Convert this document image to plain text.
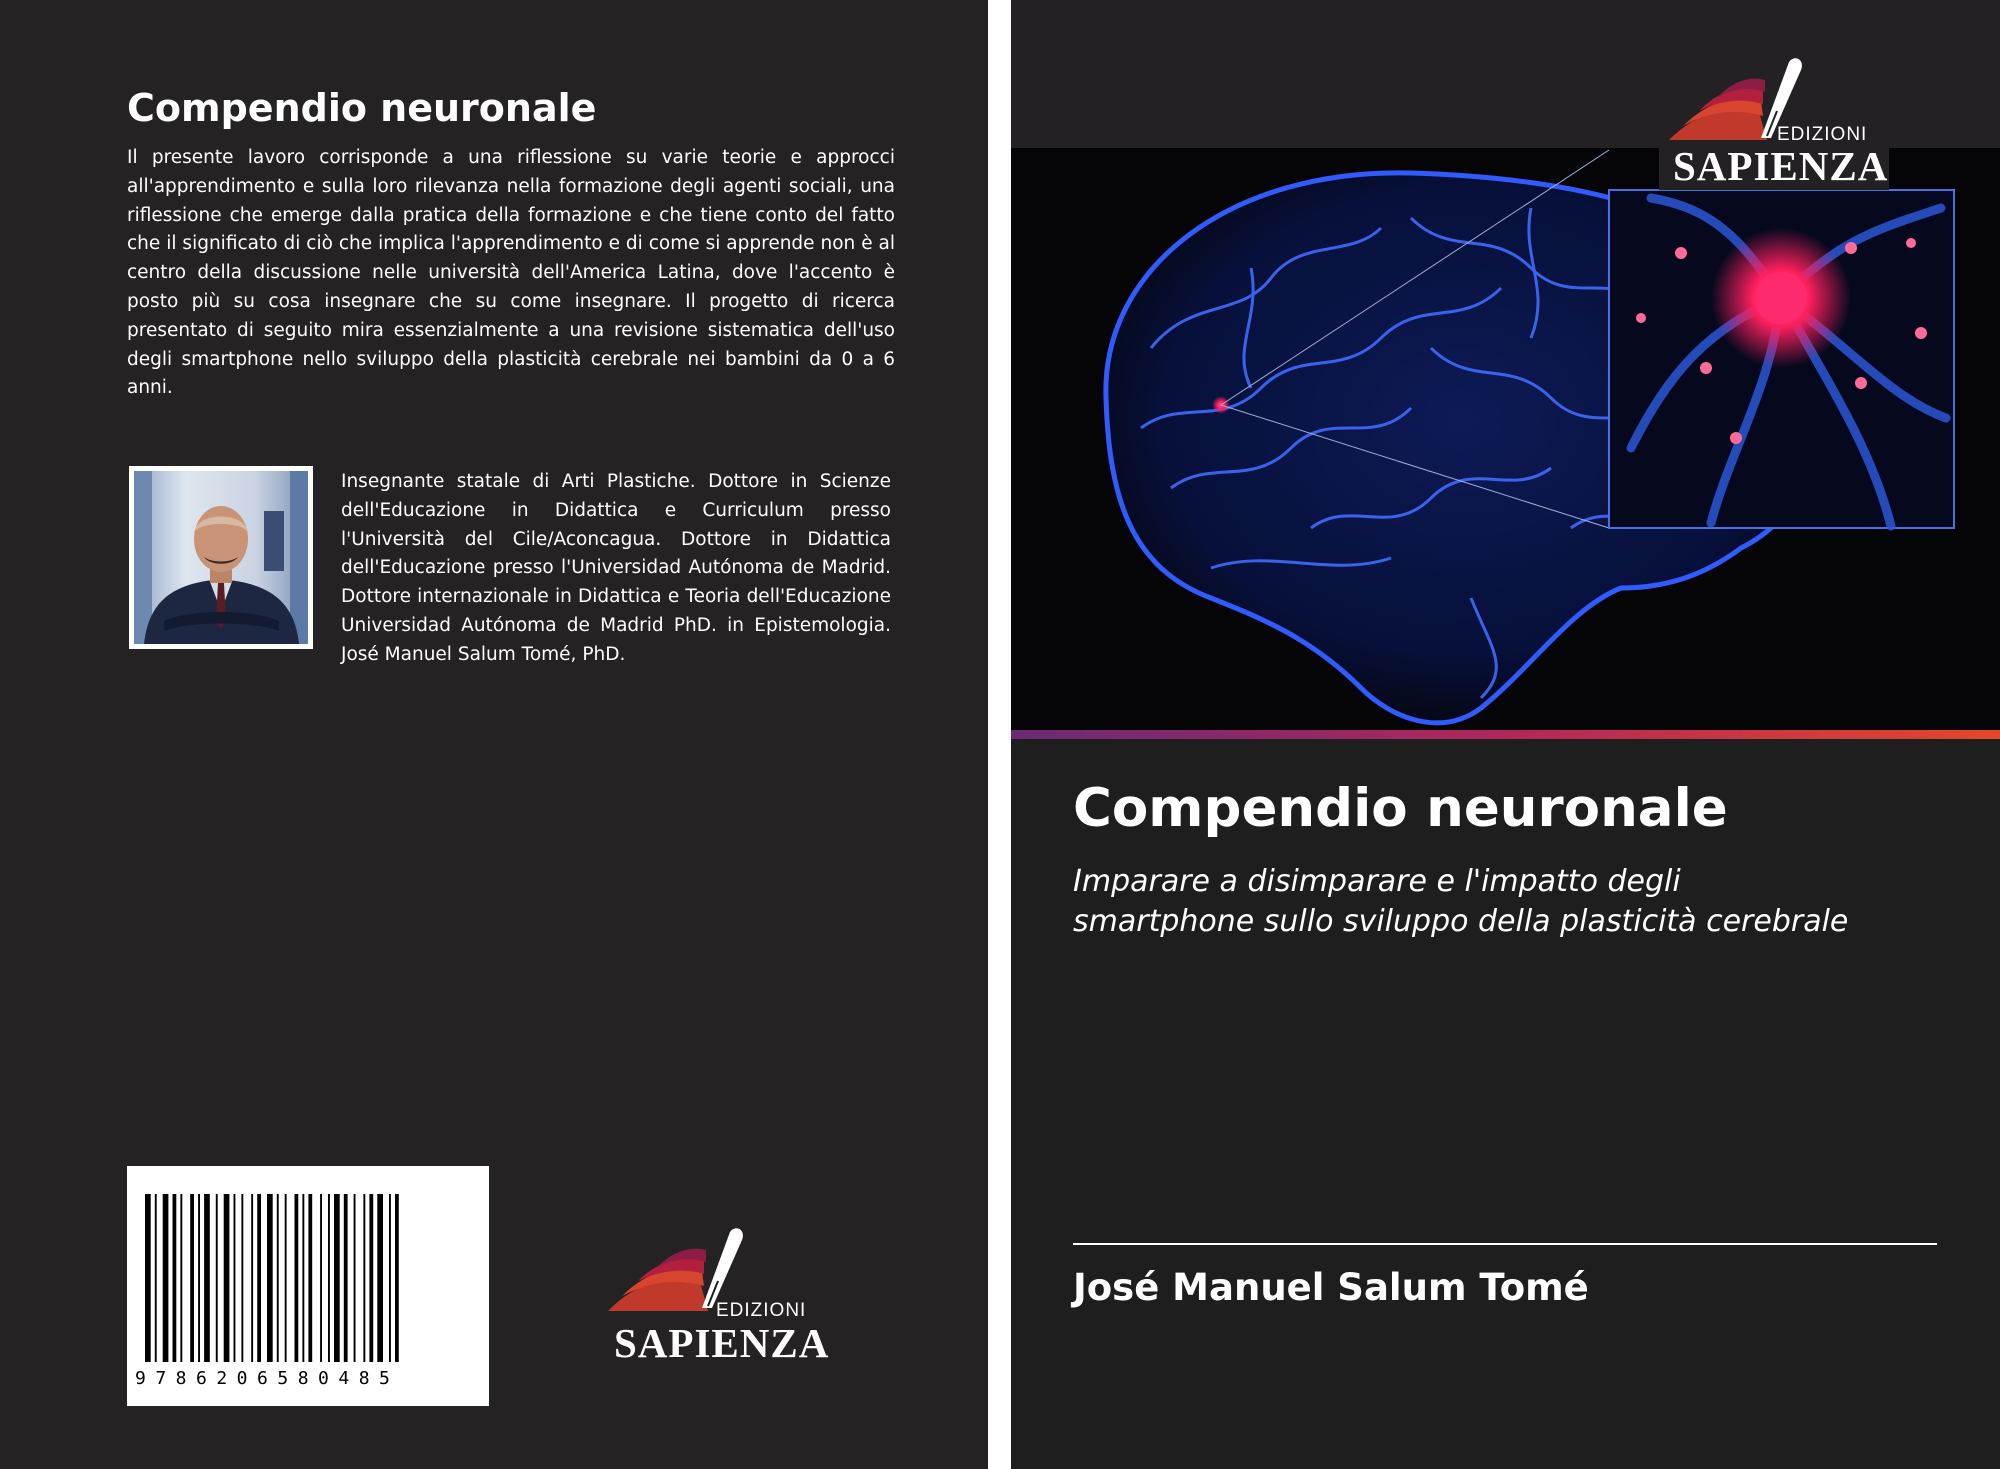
Compendio neuronale

Il presente lavoro corrisponde a una riflessione su varie teorie e approcci all'apprendimento e sulla loro rilevanza nella formazione degli agenti sociali, una riflessione che emerge dalla pratica della formazione e che tiene conto del fatto che il significato di ciò che implica l'apprendimento e di come si apprende non è al centro della discussione nelle università dell'America Latina, dove l'accento è posto più su cosa insegnare che su come insegnare. Il progetto di ricerca presentato di seguito mira essenzialmente a una revisione sistematica dell'uso degli smartphone nello sviluppo della plasticità cerebrale nei bambini da 0 a 6 anni.

Insegnante statale di Arti Plastiche. Dottore in Scienze dell'Educazione in Didattica e Curriculum presso l'Università del Cile/Aconcagua. Dottore in Didattica dell'Educazione presso l'Universidad Autónoma de Madrid. Dottore internazionale in Didattica e Teoria dell'Educazione Universidad Autónoma de Madrid PhD. in Epistemologia. José Manuel Salum Tomé, PhD.

9786206580485
EDIZIONI
SAPIENZA
EDIZIONI
SAPIENZA
Compendio neuronale
Imparare a disimparare e l'impatto degli
smartphone sullo sviluppo della plasticità cerebrale
José Manuel Salum Tomé
